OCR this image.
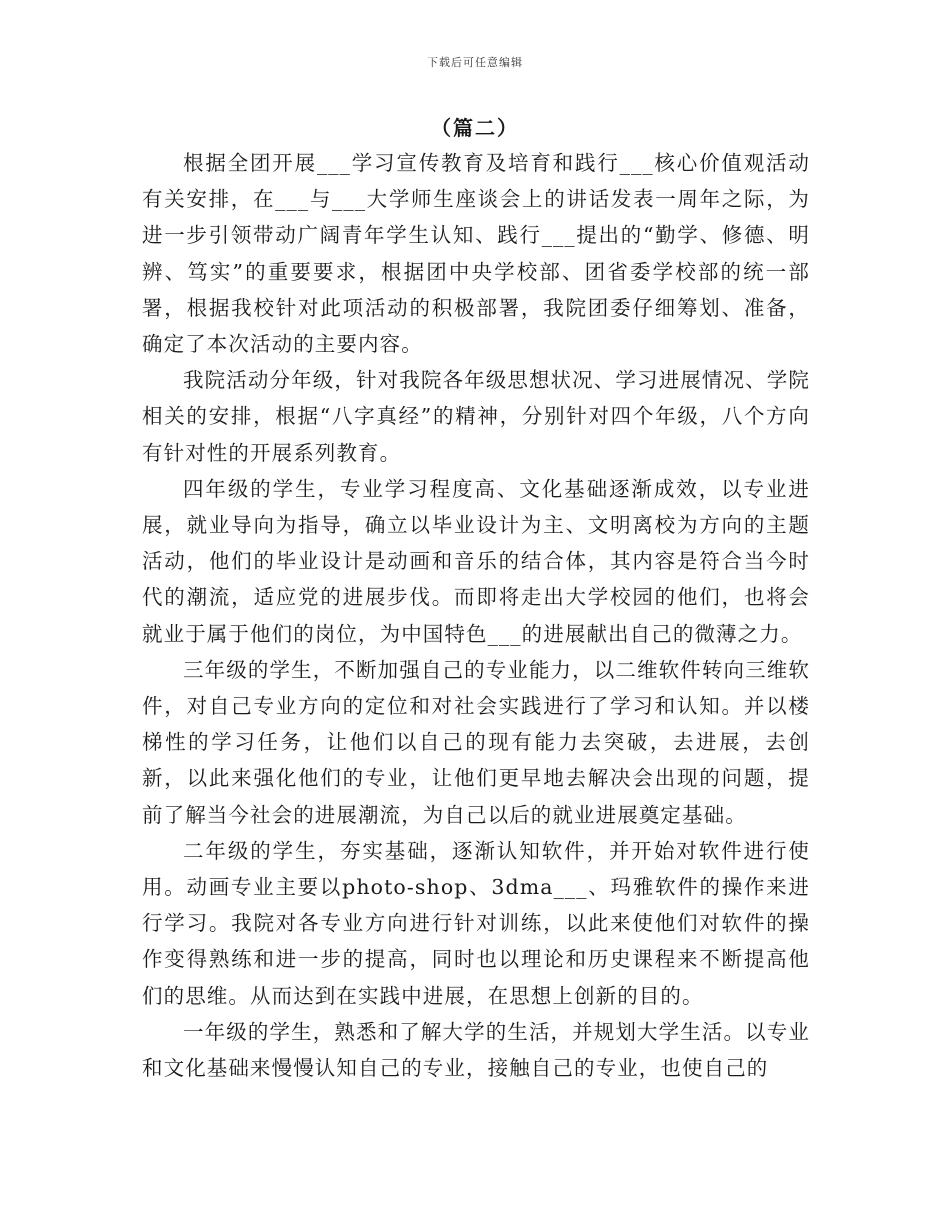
下载后可任意编辑
（篇二）

根据全团开展___学习宣传教育及培育和践行___核心价值观活动有关安排，在___与___大学师生座谈会上的讲话发表一周年之际，为进一步引领带动广阔青年学生认知、践行___提出的“勤学、修德、明辨、笃实”的重要要求，根据团中央学校部、团省委学校部的统一部署，根据我校针对此项活动的积极部署，我院团委仔细筹划、准备，确定了本次活动的主要内容。

我院活动分年级，针对我院各年级思想状况、学习进展情况、学院相关的安排，根据“八字真经”的精神，分别针对四个年级，八个方向有针对性的开展系列教育。

四年级的学生，专业学习程度高、文化基础逐渐成效，以专业进展，就业导向为指导，确立以毕业设计为主、文明离校为方向的主题活动，他们的毕业设计是动画和音乐的结合体，其内容是符合当今时代的潮流，适应党的进展步伐。而即将走出大学校园的他们，也将会就业于属于他们的岗位，为中国特色___的进展献出自己的微薄之力。

三年级的学生，不断加强自己的专业能力，以二维软件转向三维软件，对自己专业方向的定位和对社会实践进行了学习和认知。并以楼梯性的学习任务，让他们以自己的现有能力去突破，去进展，去创新，以此来强化他们的专业，让他们更早地去解决会出现的问题，提前了解当今社会的进展潮流，为自己以后的就业进展奠定基础。

二年级的学生，夯实基础，逐渐认知软件，并开始对软件进行使用。动画专业主要以photo-shop、3dma___、玛雅软件的操作来进行学习。我院对各专业方向进行针对训练，以此来使他们对软件的操作变得熟练和进一步的提高，同时也以理论和历史课程来不断提高他们的思维。从而达到在实践中进展，在思想上创新的目的。

一年级的学生，熟悉和了解大学的生活，并规划大学生活。以专业和文化基础来慢慢认知自己的专业，接触自己的专业，也使自己的
